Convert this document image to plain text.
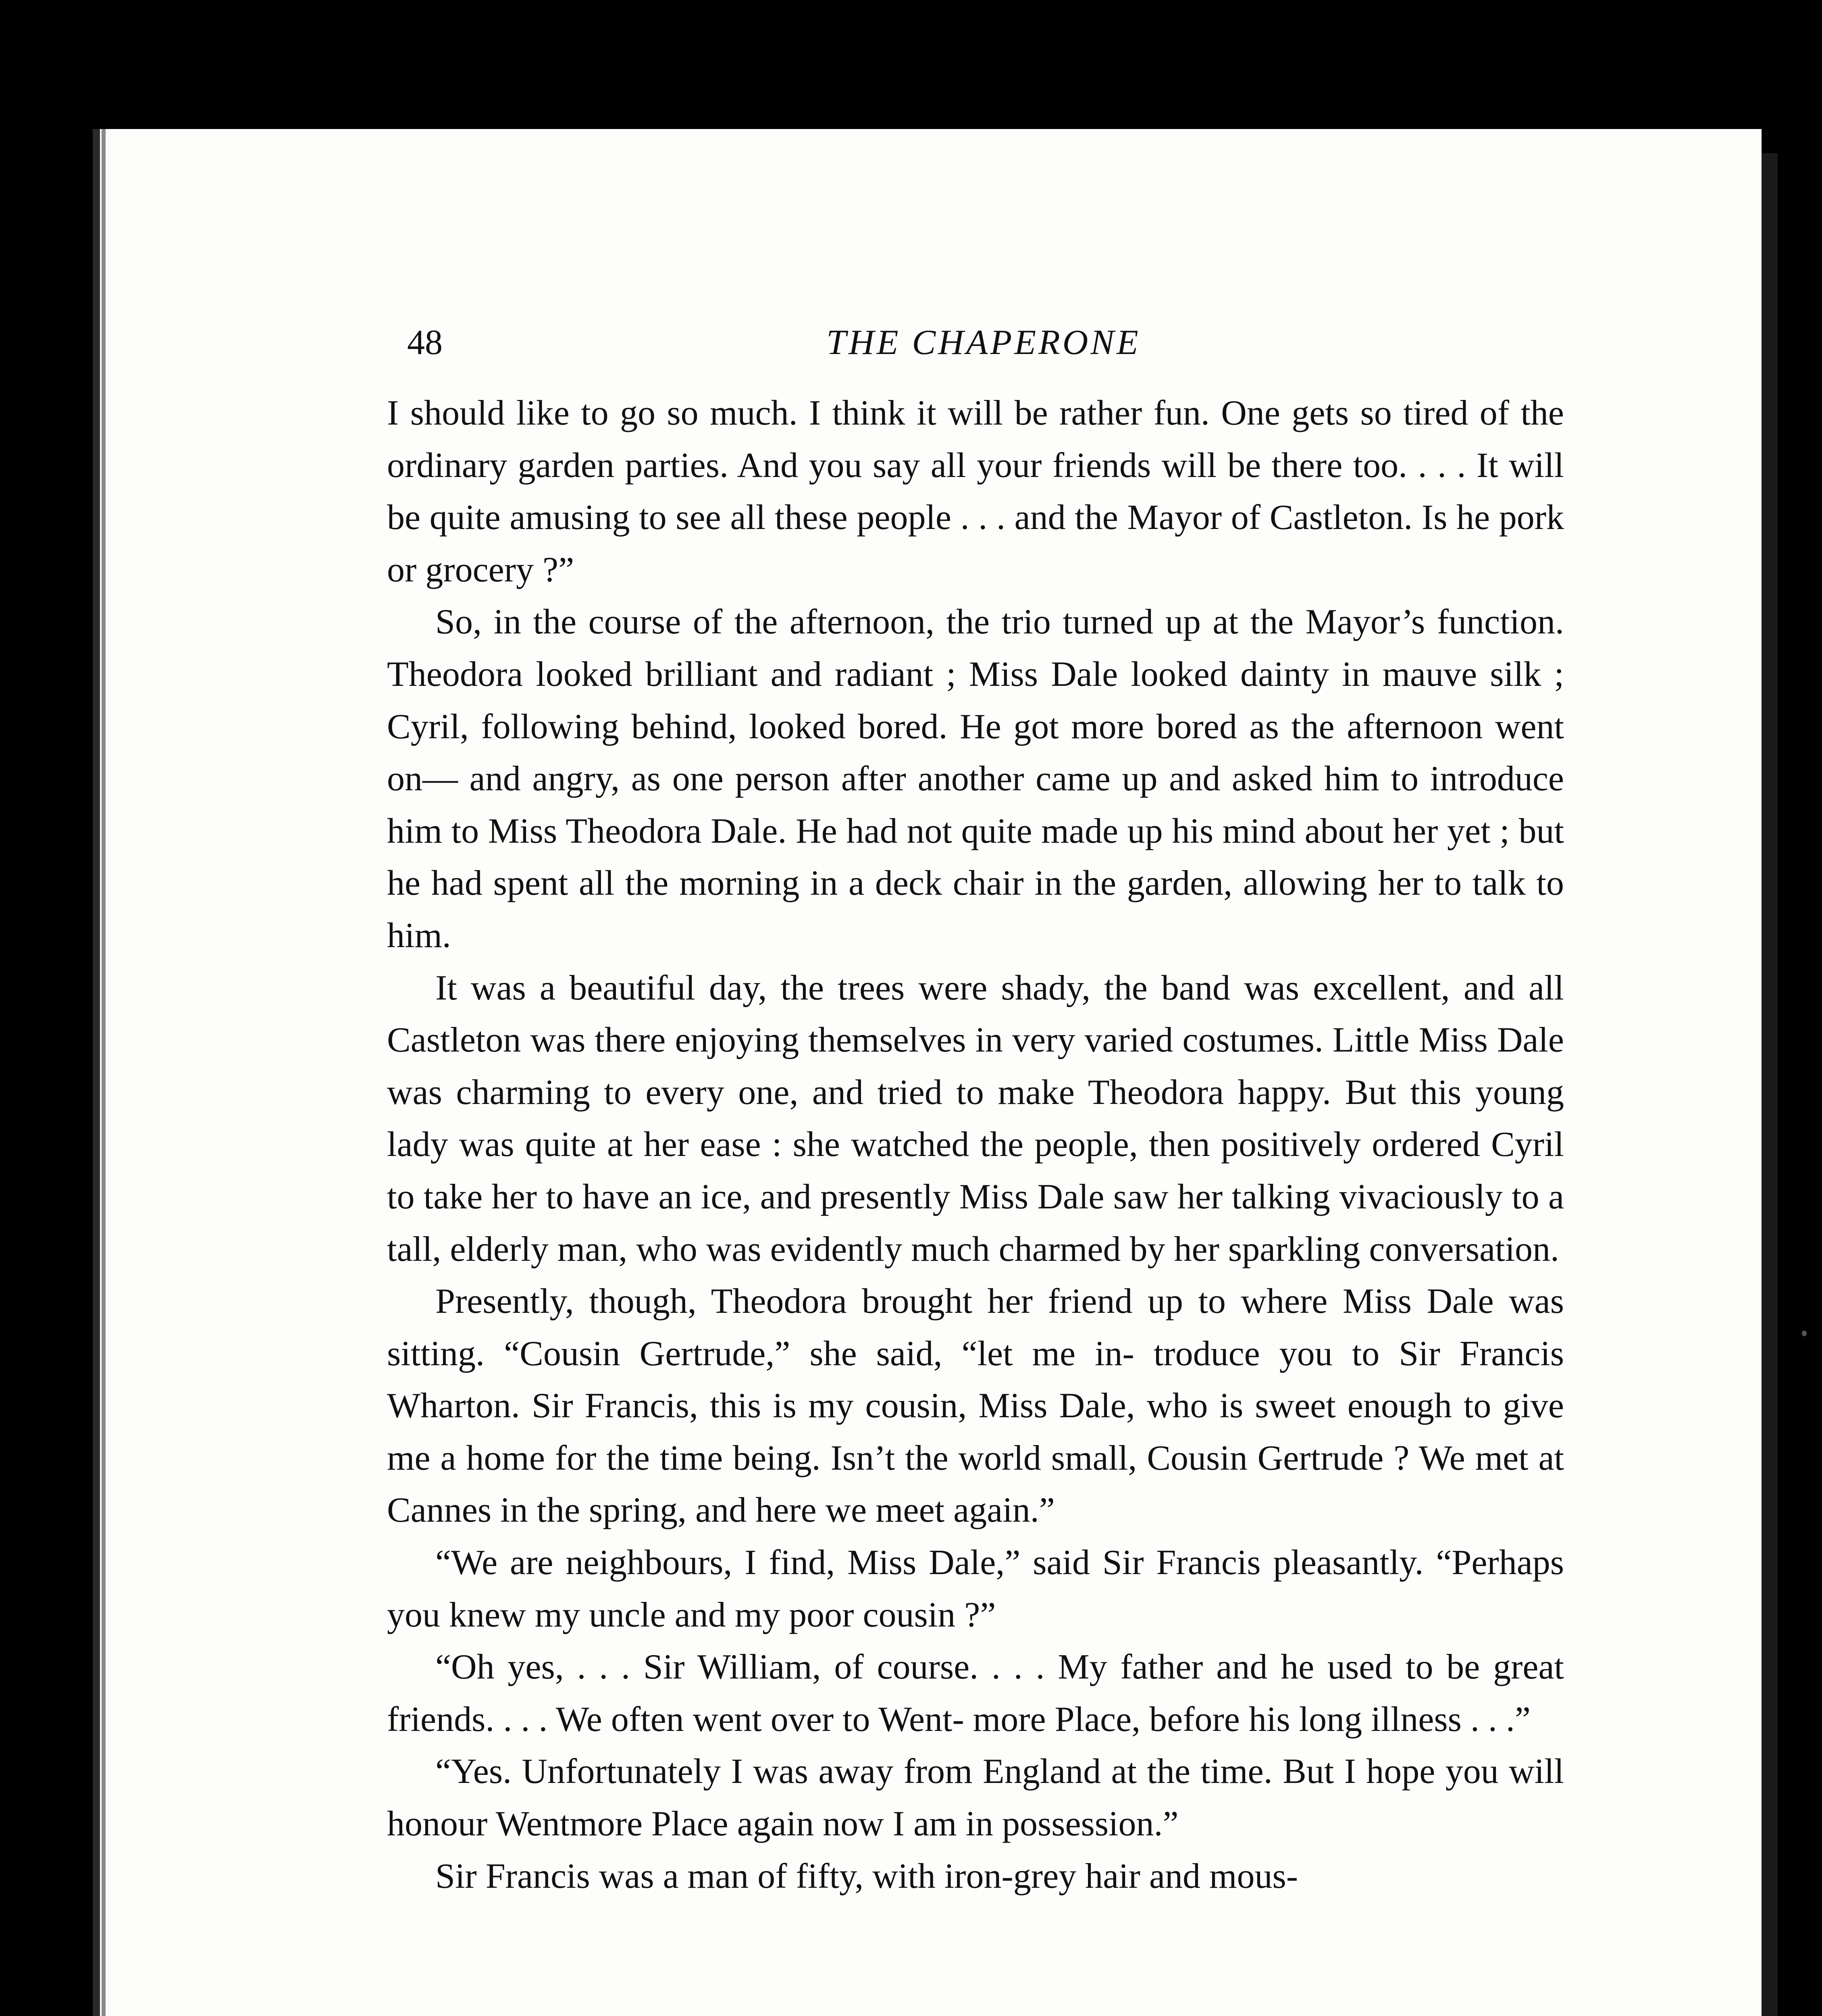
48	THE CHAPERONE

I should like to go so much. I think it will be rather fun. One gets so tired of the ordinary garden parties. And you say all your friends will be there too. . . . It will be quite amusing to see all these people . . . and the Mayor of Castleton. Is he pork or grocery ?”

So, in the course of the afternoon, the trio turned up at the Mayor’s function. Theodora looked brilliant and radiant ; Miss Dale looked dainty in mauve silk ; Cyril, following behind, looked bored. He got more bored as the afternoon went on— and angry, as one person after another came up and asked him to introduce him to Miss Theodora Dale. He had not quite made up his mind about her yet ; but he had spent all the morning in a deck chair in the garden, allowing her to talk to him.

It was a beautiful day, the trees were shady, the band was excellent, and all Castleton was there enjoying themselves in very varied costumes. Little Miss Dale was charming to every one, and tried to make Theodora happy. But this young lady was quite at her ease : she watched the people, then positively ordered Cyril to take her to have an ice, and presently Miss Dale saw her talking vivaciously to a tall, elderly man, who was evidently much charmed by her sparkling conversation.

Presently, though, Theodora brought her friend up to where Miss Dale was sitting. “Cousin Gertrude,” she said, “let me in- troduce you to Sir Francis Wharton. Sir Francis, this is my cousin, Miss Dale, who is sweet enough to give me a home for the time being. Isn’t the world small, Cousin Gertrude ? We met at Cannes in the spring, and here we meet again.”

“We are neighbours, I find, Miss Dale,” said Sir Francis pleasantly. “Perhaps you knew my uncle and my poor cousin ?”

“Oh yes, . . . Sir William, of course. . . . My father and he used to be great friends. . . . We often went over to Went- more Place, before his long illness . . .”

“Yes. Unfortunately I was away from England at the time. But I hope you will honour Wentmore Place again now I am in possession.”

Sir Francis was a man of fifty, with iron-grey hair and mous-
